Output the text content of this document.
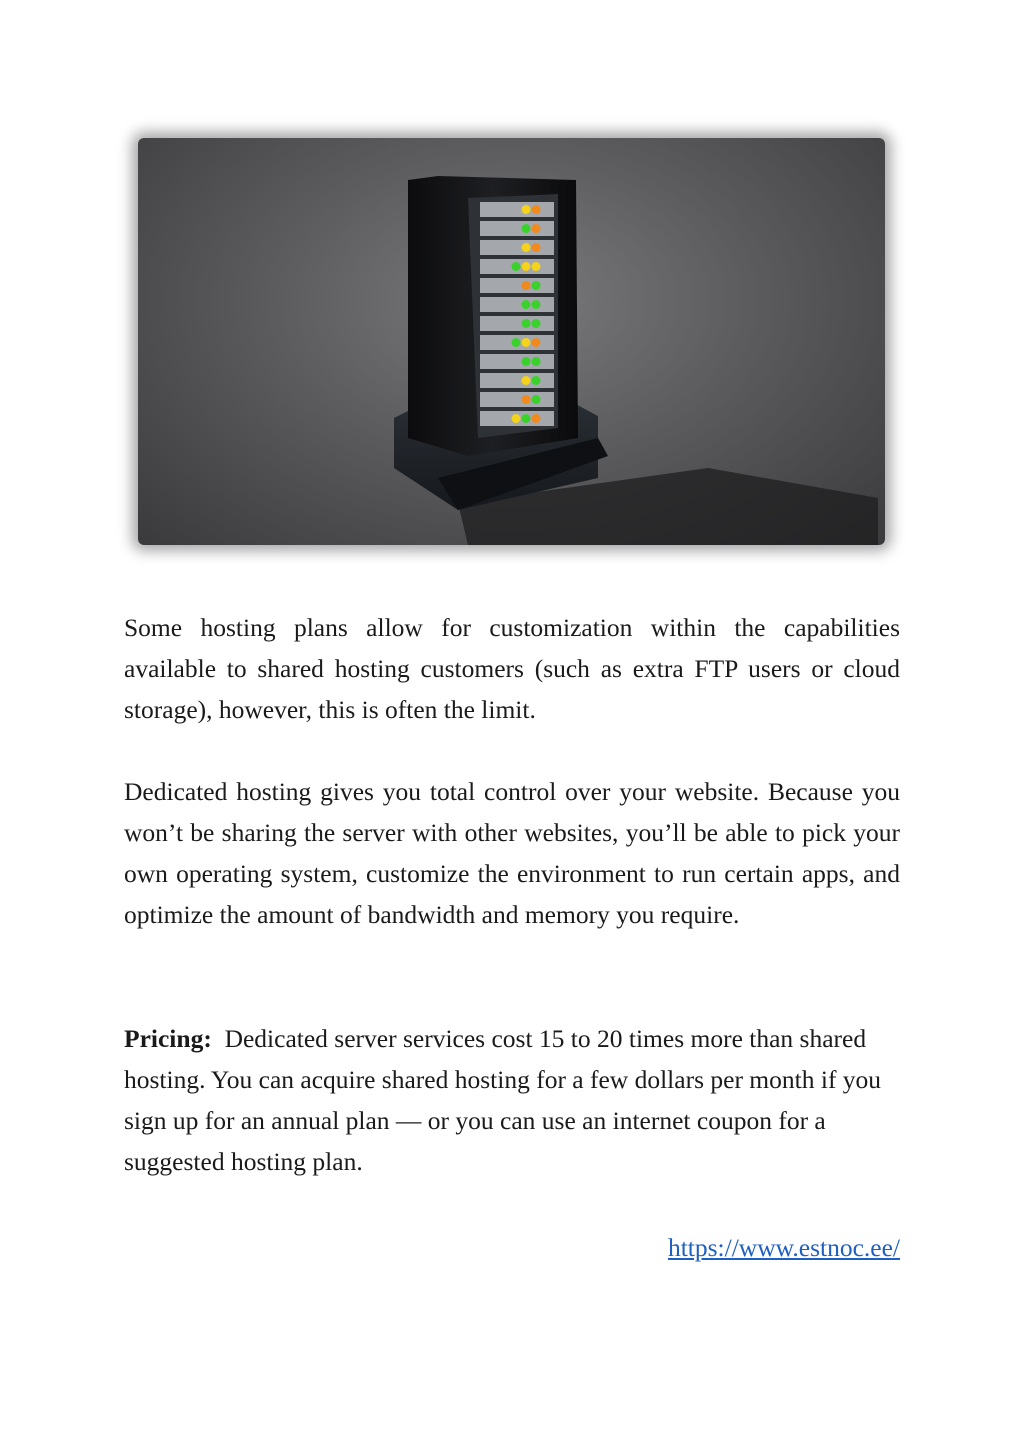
Some hosting plans allow for customization within the capabilities available to shared hosting customers (such as extra FTP users or cloud storage), however, this is often the limit.

Dedicated hosting gives you total control over your website. Because you won’t be sharing the server with other websites, you’ll be able to pick your own operating system, customize the environment to run certain apps, and optimize the amount of bandwidth and memory you require.

Pricing: Dedicated server services cost 15 to 20 times more than shared hosting. You can acquire shared hosting for a few dollars per month if you sign up for an annual plan — or you can use an internet coupon for a suggested hosting plan.

https://www.estnoc.ee/
